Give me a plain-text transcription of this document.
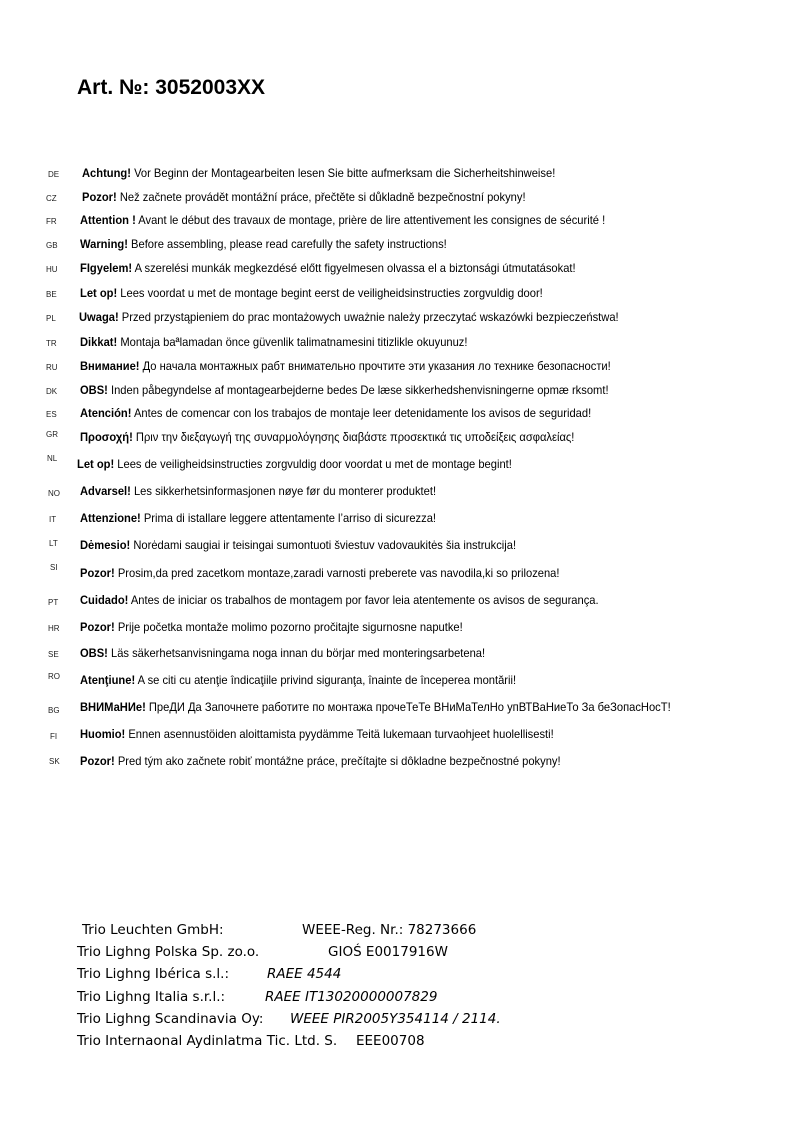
Art. №: 3052003XX
DE	Achtung! Vor Beginn der Montagearbeiten lesen Sie bitte aufmerksam die Sicherheitshinweise!
CZ	Pozor! Než začnete provádět montážní práce, přečtěte si důkladně bezpečnostní pokyny!
FR	Attention ! Avant le début des travaux de montage, prière de lire attentivement les consignes de sécurité !
GB	Warning! Before assembling, please read carefully the safety instructions!
HU	FIgyelem! A szerelési munkák megkezdésé előtt figyelmesen olvassa el a biztonsági útmutatásokat!
BE	Let op! Lees voordat u met de montage begint eerst de veiligheidsinstructies zorgvuldig door!
PL	Uwaga! Przed przystąpieniem do prac montażowych uważnie należy przeczytać wskazówki bezpieczeństwa!
TR	Dikkat! Montaja baªlamadan önce güvenlik talimatnamesini titizlikle okuyunuz!
RU	Внимание! До начала монтажных рабт внимательно прочтите эти указания ло технике безопасности!
DK	OBS! Inden påbegyndelse af montagearbejderne bedes De læse sikkerhedshenvisningerne opmæ rksomt!
ES	Atención! Antes de comencar con los trabajos de montaje leer detenidamente los avisos de seguridad!
GR	Προσοχή! Πριν την διεξαγωγή της συναρμολόγησης διαβάστε προσεκτικά τις υποδείξεις ασφαλείας!
NL	Let op! Lees de veiligheidsinstructies zorgvuldig door voordat u met de montage begint!
NO	Advarsel! Les sikkerhetsinformasjonen nøye før du monterer produktet!
IT	Attenzione! Prima di istallare leggere attentamente l’arriso di sicurezza!
LT	Dėmesio! Norėdami saugiai ir teisingai sumontuoti šviestuv vadovaukitės šia instrukcija!
SI	Pozor! Prosim,da pred zacetkom montaze,zaradi varnosti preberete vas navodila,ki so prilozena!
PT	Cuidado! Antes de iniciar os trabalhos de montagem por favor leia atentemente os avisos de segurança.
HR	Pozor! Prije početka montaže molimo pozorno pročitajte sigurnosne naputke!
SE	OBS! Läs säkerhetsanvisningama noga innan du börjar med monteringsarbetena!
RO	Atenţiune! A se citi cu atenţie îndicaţiile privind siguranţa, înainte de începerea montării!
BG	ВНИМаНИе! ПреДИ Да Започнете работите по монтажа прочеТеТе ВНиМаТелНо упВТВаНиеТо За беЗопасНосТ!
FI	Huomio! Ennen asennustöiden aloittamista pyydämme Teitä lukemaan turvaohjeet huolellisesti!
SK	Pozor! Pred tým ako začnete robiť montážne práce, prečítajte si dôkladne bezpečnostné pokyny!
Trio Leuchten GmbH:	WEEE-Reg. Nr.: 78273666
Trio Lighng Polska Sp. zo.o.	GIOŚ E0017916W
Trio Lighng Ibérica s.l.:	RAEE 4544
Trio Lighng Italia s.r.l.:	RAEE IT13020000007829
Trio Lighng Scandinavia Oy: WEEE PIR2005Y354114 / 2114.
Trio Internaonal Aydinlatma Tic. Ltd. S. EEE00708
